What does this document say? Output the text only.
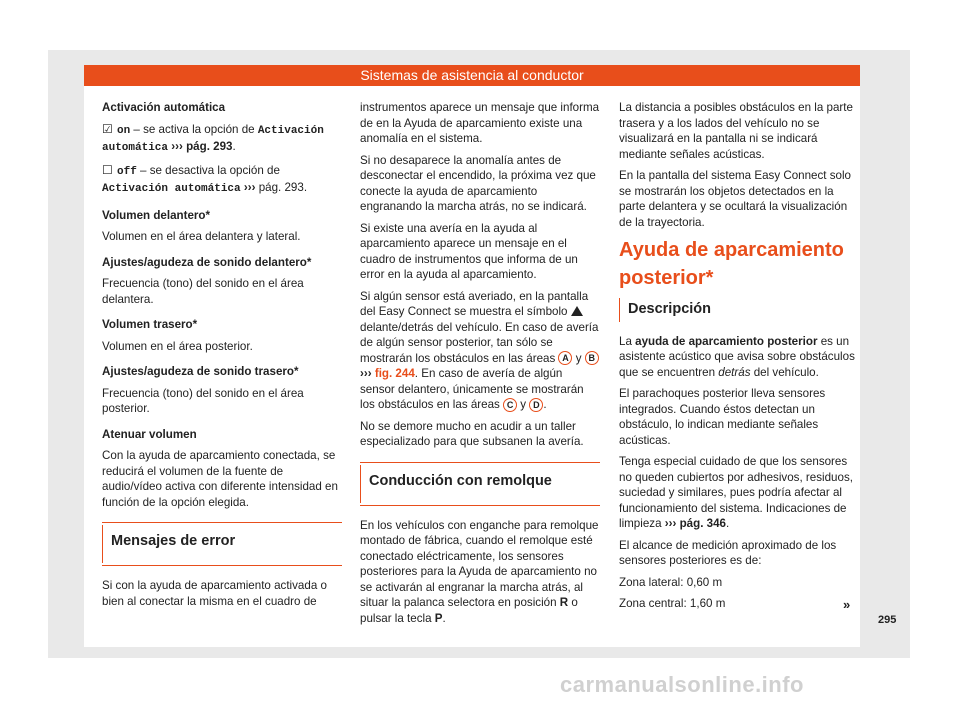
Sistemas de asistencia al conductor

Activación automática

☑ on – se activa la opción de Activación automática ››› pág. 293.

☐ off – se desactiva la opción de Activación automática ››› pág. 293.

Volumen delantero*

Volumen en el área delantera y lateral.

Ajustes/agudeza de sonido delantero*

Frecuencia (tono) del sonido en el área delantera.

Volumen trasero*

Volumen en el área posterior.

Ajustes/agudeza de sonido trasero*

Frecuencia (tono) del sonido en el área posterior.

Atenuar volumen

Con la ayuda de aparcamiento conectada, se reducirá el volumen de la fuente de audio/vídeo activa con diferente intensidad en función de la opción elegida.

Mensajes de error

Si con la ayuda de aparcamiento activada o bien al conectar la misma en el cuadro de

instrumentos aparece un mensaje que informa de en la Ayuda de aparcamiento existe una anomalía en el sistema.

Si no desaparece la anomalía antes de desconectar el encendido, la próxima vez que conecte la ayuda de aparcamiento engranando la marcha atrás, no se indicará.

Si existe una avería en la ayuda al aparcamiento aparece un mensaje en el cuadro de instrumentos que informa de un error en la ayuda al aparcamiento.

Si algún sensor está averiado, en la pantalla del Easy Connect se muestra el símbolo  delante/detrás del vehículo. En caso de avería de algún sensor posterior, tan sólo se mostrarán los obstáculos en las áreas A y B ››› fig. 244. En caso de avería de algún sensor delantero, únicamente se mostrarán los obstáculos en las áreas C y D .

No se demore mucho en acudir a un taller especializado para que subsanen la avería.

Conducción con remolque

En los vehículos con enganche para remolque montado de fábrica, cuando el remolque esté conectado eléctricamente, los sensores posteriores para la Ayuda de aparcamiento no se activarán al engranar la marcha atrás, al situar la palanca selectora en posición R o pulsar la tecla P.

La distancia a posibles obstáculos en la parte trasera y a los lados del vehículo no se visualizará en la pantalla ni se indicará mediante señales acústicas.

En la pantalla del sistema Easy Connect solo se mostrarán los objetos detectados en la parte delantera y se ocultará la visualización de la trayectoria.

Ayuda de aparcamiento posterior*

Descripción

La ayuda de aparcamiento posterior es un asistente acústico que avisa sobre obstáculos que se encuentren detrás del vehículo.

El parachoques posterior lleva sensores integrados. Cuando éstos detectan un obstáculo, lo indican mediante señales acústicas.

Tenga especial cuidado de que los sensores no queden cubiertos por adhesivos, residuos, suciedad y similares, pues podría afectar al funcionamiento del sistema. Indicaciones de limpieza ››› pág. 346.

El alcance de medición aproximado de los sensores posteriores es de:

Zona lateral: 0,60 m

Zona central: 1,60 m	»
295
carmanualsonline.info
